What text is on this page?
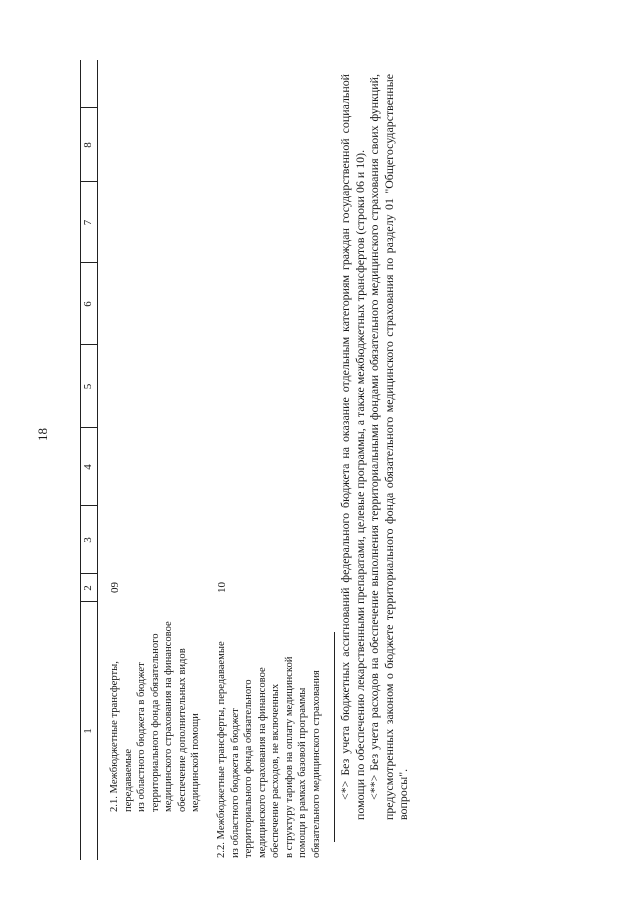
18
1
2
3
4
5
6
7
8
2.1. Межбюджетные трансферты, передаваемые
из областного бюджета в бюджет
территориального фонда обязательного
медицинского страхования на финансовое
обеспечение дополнительных видов
медицинской помощи
09
2.2. Межбюджетные трансферты, передаваемые
из областного бюджета в бюджет
территориального фонда обязательного
медицинского страхования на финансовое
обеспечение расходов, не включенных
в структуру тарифов на оплату медицинской
помощи в рамках базовой программы
обязательного медицинского страхования
10	<*> Без учета бюджетных ассигнований федерального бюджета на оказание отдельным категориям граждан государственной социальной помощи по обеспечению лекарственными препаратами, целевые программы, а также межбюджетных трансфертов (строки 06 и 10). <**> Без учета расходов на обеспечение выполнения территориальными фондами обязательного медицинского страхования своих функций, предусмотренных законом о бюджете территориального фонда обязательного медицинского страхования по разделу 01 "Общегосударственные вопросы".
